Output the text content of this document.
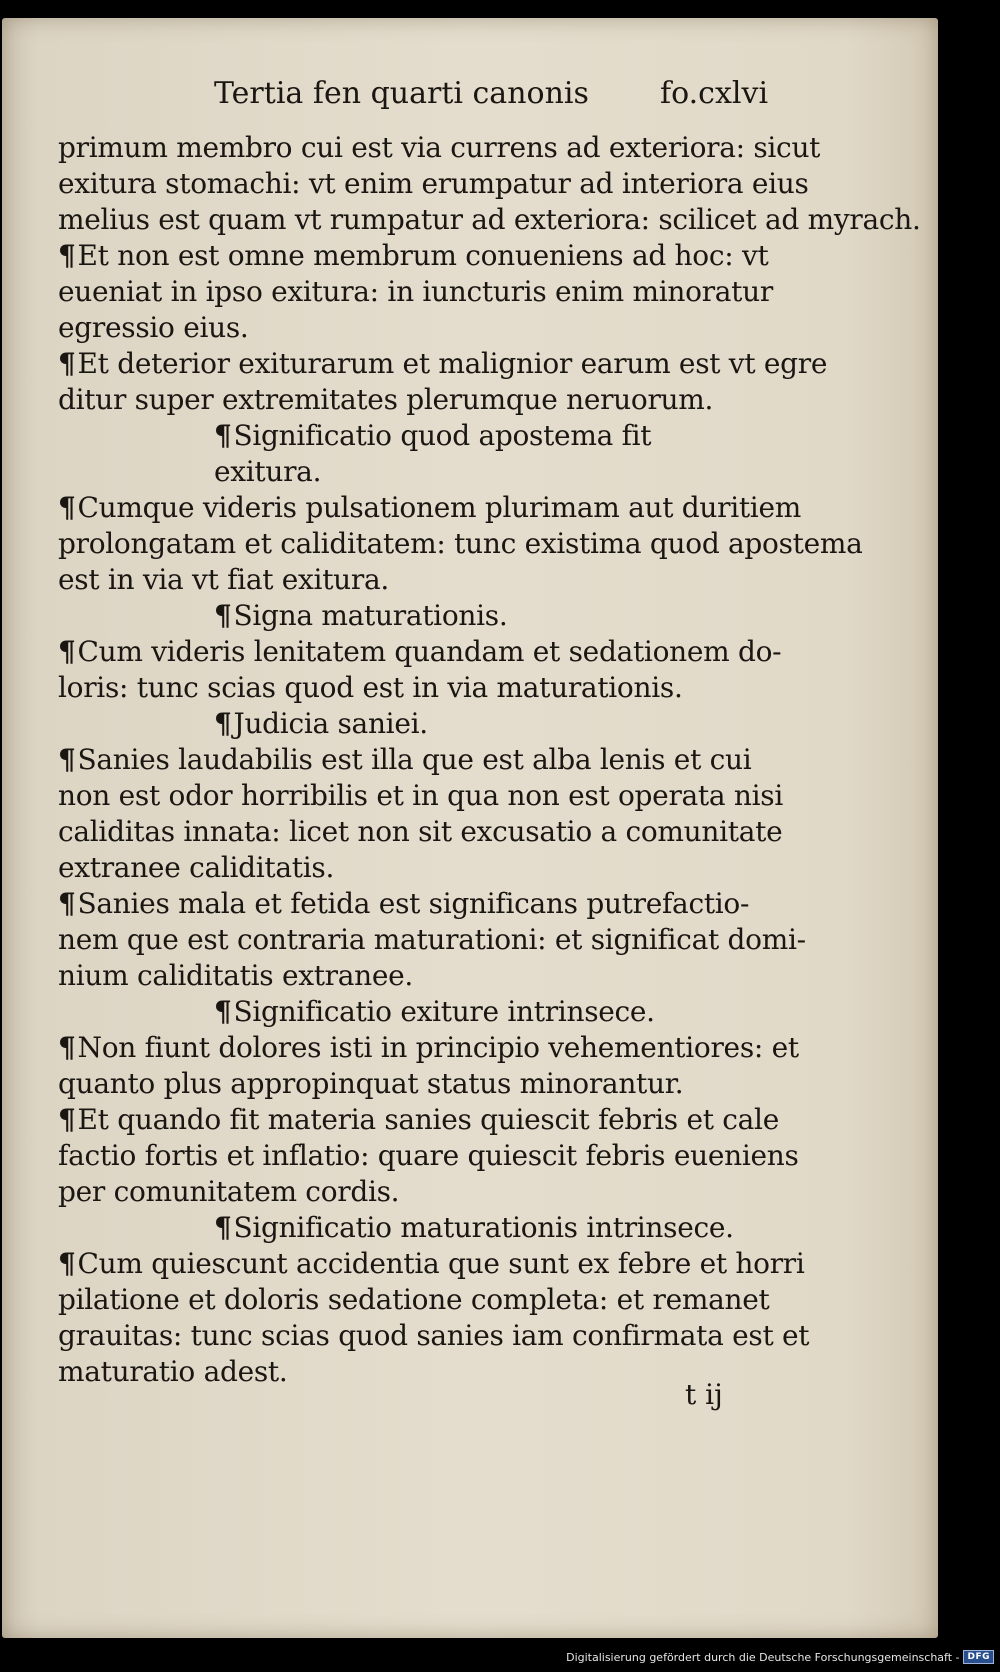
Tertia fen quarti canonis fo.cxlvi

primum membro cui est via currens ad exteriora: sicut

exitura stomachi: vt enim erumpatur ad interiora eius

melius est quam vt rumpatur ad exteriora: scilicet ad myrach.

¶Et non est omne membrum conueniens ad hoc: vt

eueniat in ipso exitura: in iuncturis enim minoratur

egressio eius.

¶Et deterior exiturarum et malignior earum est vt egre

ditur super extremitates plerumque neruorum.

¶Significatio quod apostema fit

exitura.

¶Cumque videris pulsationem plurimam aut duritiem

prolongatam et caliditatem: tunc existima quod apostema

est in via vt fiat exitura.

¶Signa maturationis.

¶Cum videris lenitatem quandam et sedationem do-

loris: tunc scias quod est in via maturationis.

¶Judicia saniei.

¶Sanies laudabilis est illa que est alba lenis et cui

non est odor horribilis et in qua non est operata nisi

caliditas innata: licet non sit excusatio a comunitate

extranee caliditatis.

¶Sanies mala et fetida est significans putrefactio-

nem que est contraria maturationi: et significat domi-

nium caliditatis extranee.

¶Significatio exiture intrinsece.

¶Non fiunt dolores isti in principio vehementiores: et

quanto plus appropinquat status minorantur.

¶Et quando fit materia sanies quiescit febris et cale

factio fortis et inflatio: quare quiescit febris eueniens

per comunitatem cordis.

¶Significatio maturationis intrinsece.

¶Cum quiescunt accidentia que sunt ex febre et horri

pilatione et doloris sedatione completa: et remanet

grauitas: tunc scias quod sanies iam confirmata est et

maturatio adest.

t ij

Digitalisierung gefördert durch die Deutsche Forschungsgemeinschaft - DFG
